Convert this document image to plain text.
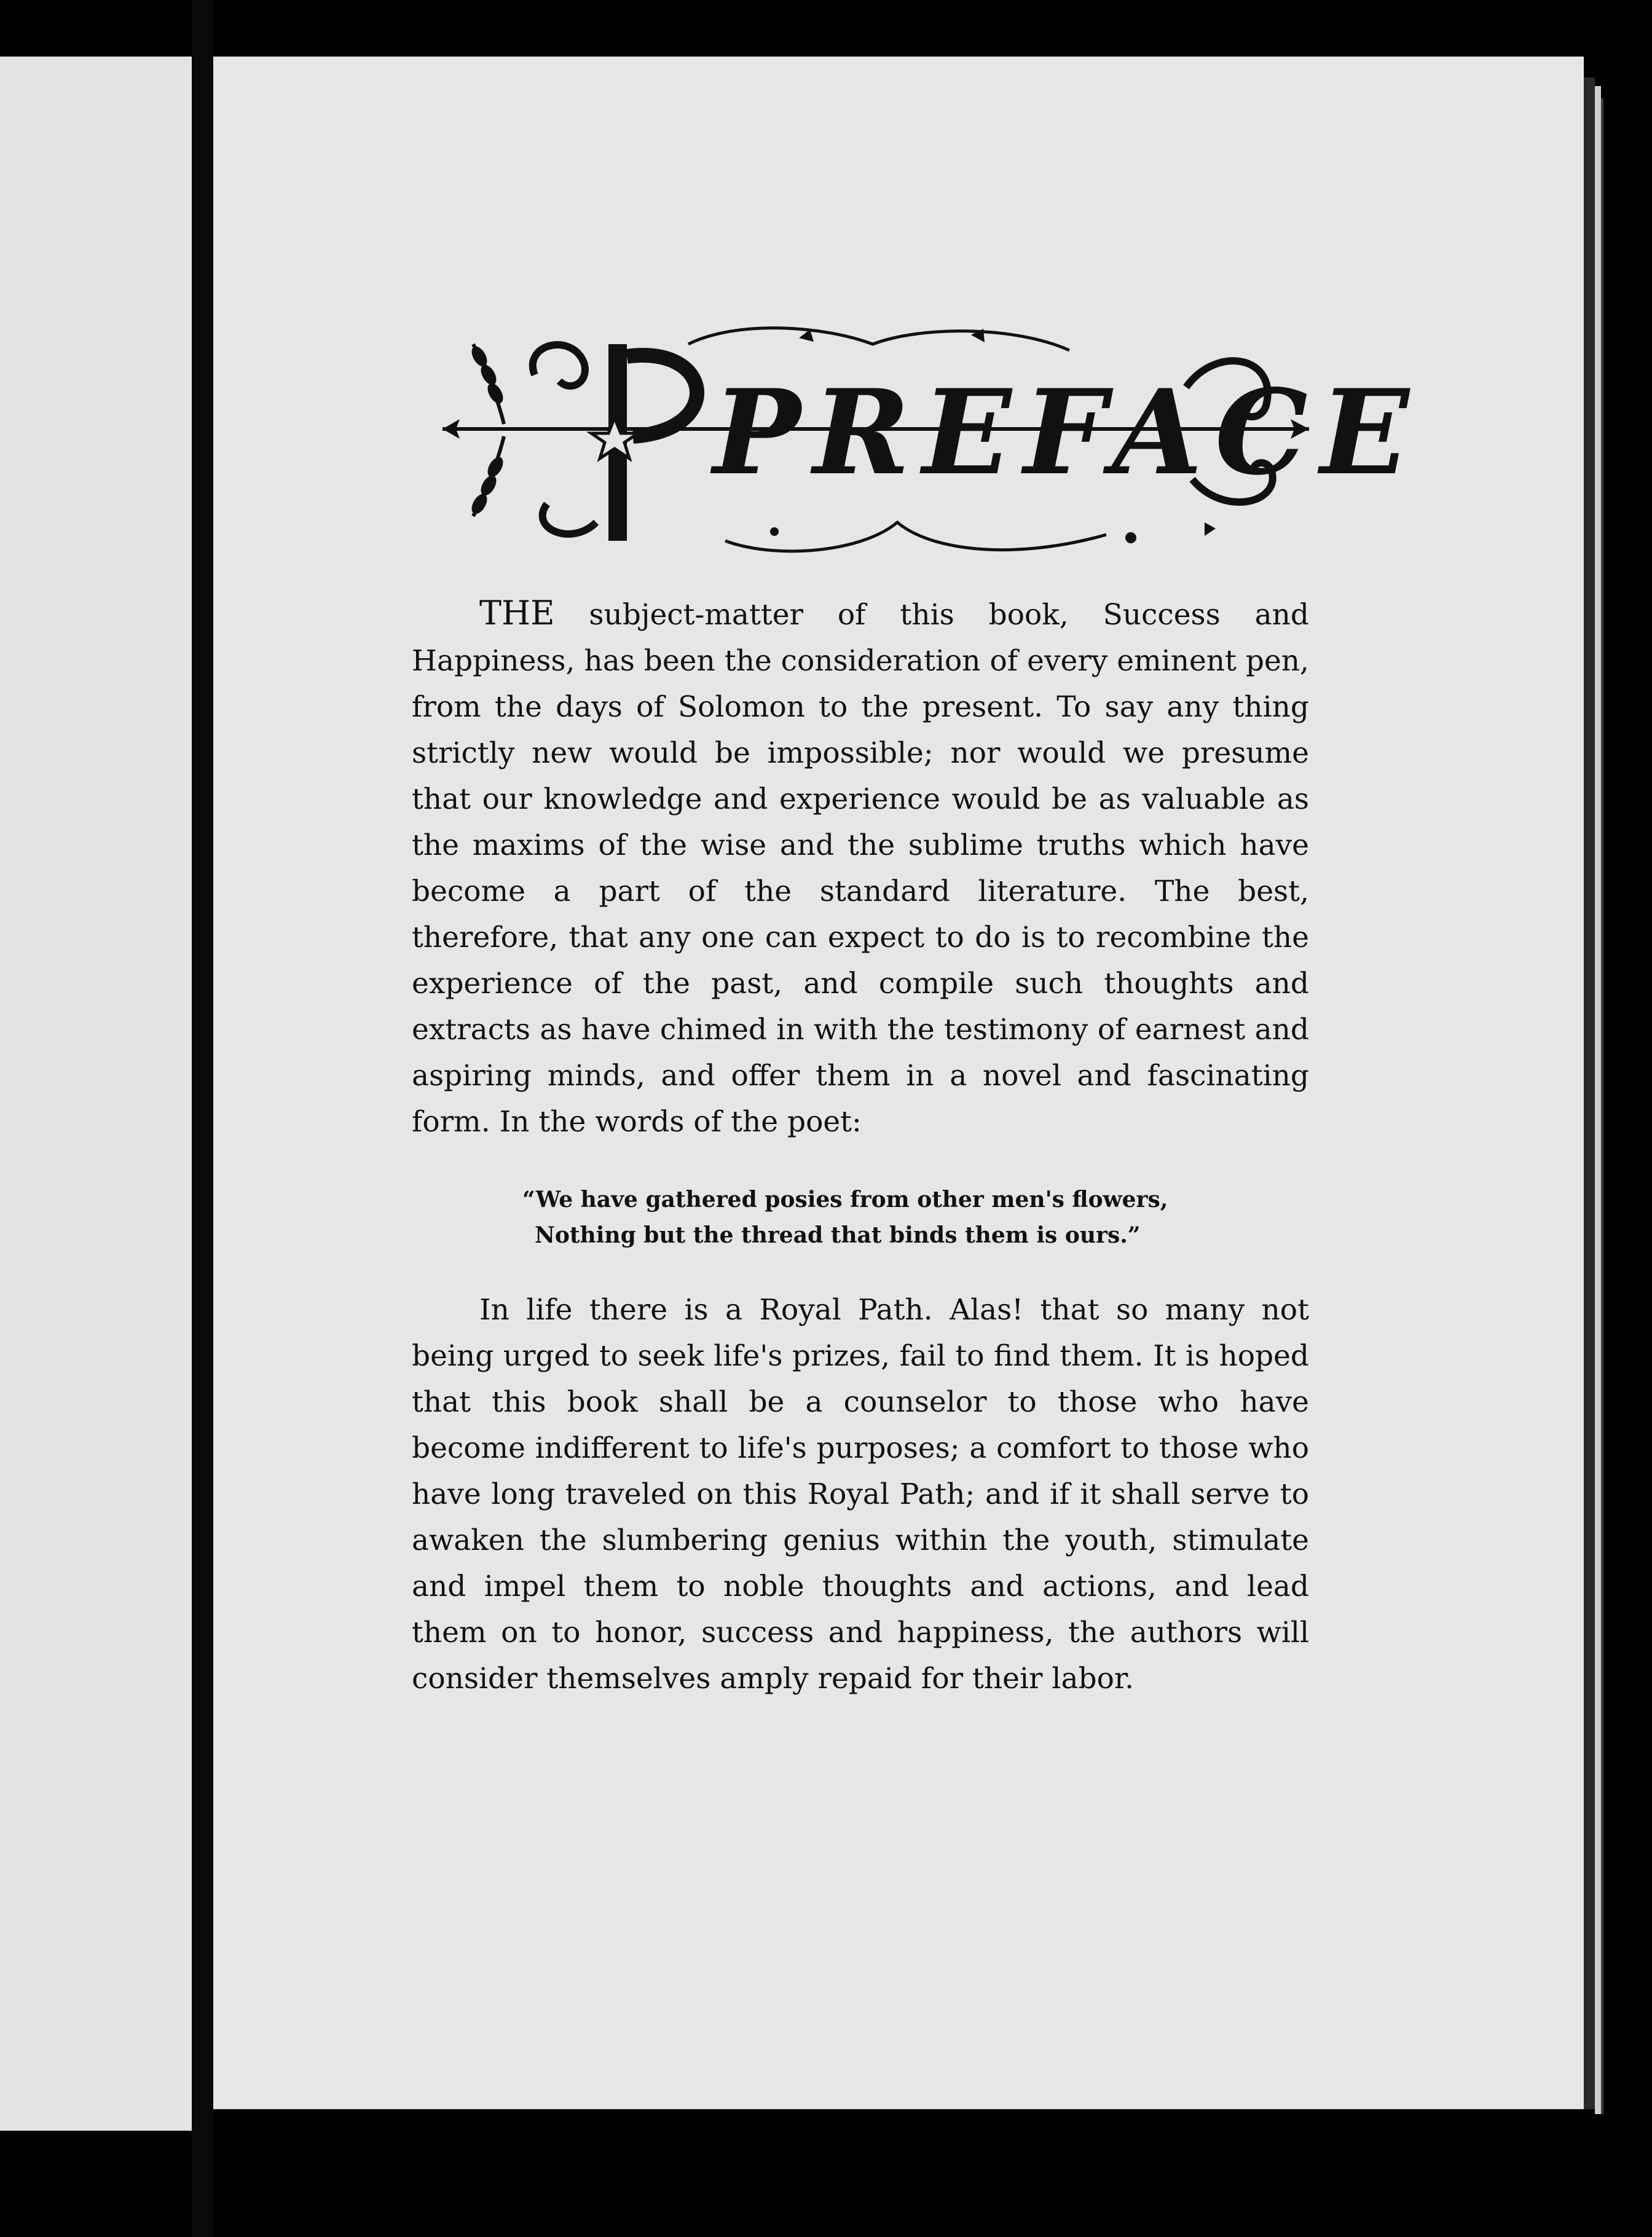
PREFACE

THE subject-matter of this book, Success and Happiness, has been the consideration of every eminent pen, from the days of Solomon to the present. To say any thing strictly new would be impossible; nor would we presume that our knowledge and experience would be as valuable as the maxims of the wise and the sublime truths which have become a part of the standard literature. The best, therefore, that any one can expect to do is to recombine the experience of the past, and compile such thoughts and extracts as have chimed in with the testimony of earnest and aspiring minds, and offer them in a novel and fascinating form. In the words of the poet:

“We have gathered posies from other men's flowers,
Nothing but the thread that binds them is ours.”

In life there is a Royal Path. Alas! that so many not being urged to seek life's prizes, fail to find them. It is hoped that this book shall be a counselor to those who have become indifferent to life's purposes; a comfort to those who have long traveled on this Royal Path; and if it shall serve to awaken the slumbering genius within the youth, stimulate and impel them to noble thoughts and actions, and lead them on to honor, success and happiness, the authors will consider themselves amply repaid for their labor.
